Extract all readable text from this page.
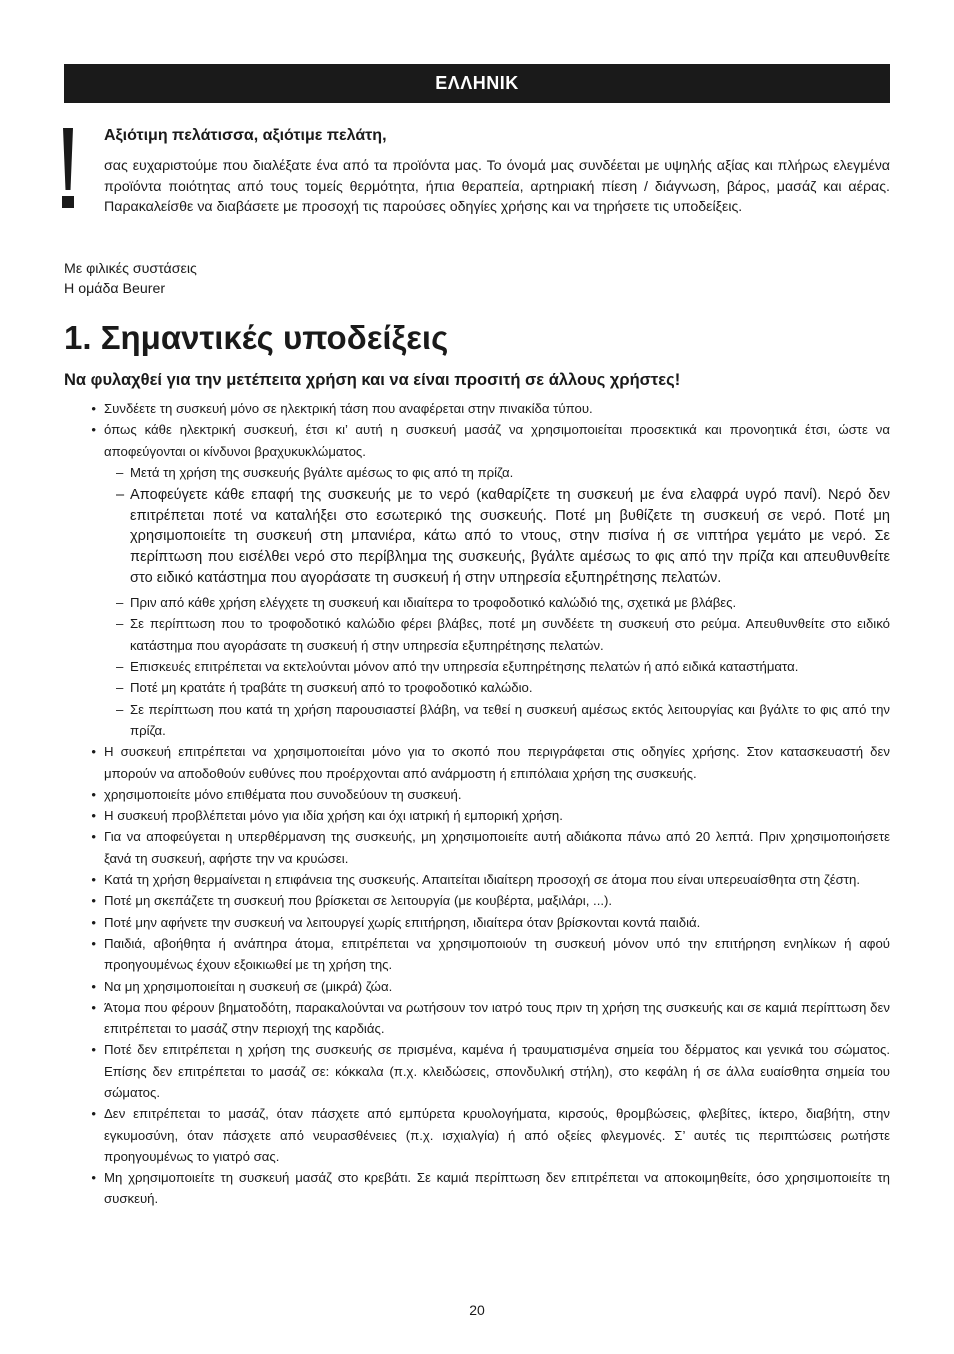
ΕΛΛΗΝΙΚ
Αξιότιμη πελάτισσα, αξιότιμε πελάτη,

σας ευχαριστούμε που διαλέξατε ένα από τα προϊόντα μας. Το όνομά μας συνδέεται με υψηλής αξίας και πλήρως ελεγμένα προϊόντα ποιότητας από τους τομείς θερμότητα, ήπια θεραπεία, αρτηριακή πίεση / διάγνωση, βάρος, μασάζ και αέρας. Παρακαλείσθε να διαβάσετε με προσοχή τις παρούσες οδηγίες χρήσης και να τηρήσετε τις υποδείξεις.

Με φιλικές συστάσεις
Η ομάδα Beurer
1. Σημαντικές υποδείξεις

Να φυλαχθεί για την μετέπειτα χρήση και να είναι προσιτή σε άλλους χρήστες!

• Συνδέετε τη συσκευή μόνο σε ηλεκτρική τάση που αναφέρεται στην πινακίδα τύπου.
• όπως κάθε ηλεκτρική συσκευή, έτσι κι’ αυτή η συσκευή μασάζ να χρησιμοποιείται προσεκτικά και προνοητικά έτσι, ώστε να αποφεύγονται οι κίνδυνοι βραχυκυκλώματος.
– Μετά τη χρήση της συσκευής βγάλτε αμέσως το φις από τη πρίζα.
– Αποφεύγετε κάθε επαφή της συσκευής με το νερό (καθαρίζετε τη συσκευή με ένα ελαφρά υγρό πανί). Νερό δεν επιτρέπεται ποτέ να καταλήξει στο εσωτερικό της συσκευής. Ποτέ μη βυθίζετε τη συσκευή σε νερό. Ποτέ μη χρησιμοποιείτε τη συσκευή στη μπανιέρα, κάτω από το ντους, στην πισίνα ή σε νιπτήρα γεμάτο με νερό. Σε περίπτωση που εισέλθει νερό στο περίβλημα της συσκευής, βγάλτε αμέσως το φις από την πρίζα και απευθυνθείτε στο ειδικό κατάστημα που αγοράσατε τη συσκευή ή στην υπηρεσία εξυπηρέτησης πελατών.
– Πριν από κάθε χρήση ελέγχετε τη συσκευή και ιδιαίτερα το τροφοδοτικό καλώδιό της, σχετικά με βλάβες.
– Σε περίπτωση που το τροφοδοτικό καλώδιο φέρει βλάβες, ποτέ μη συνδέετε τη συσκευή στο ρεύμα. Απευθυνθείτε στο ειδικό κατάστημα που αγοράσατε τη συσκευή ή στην υπηρεσία εξυπηρέτησης πελατών.
– Επισκευές επιτρέπεται να εκτελούνται μόνον από την υπηρεσία εξυπηρέτησης πελατών ή από ειδικά καταστήματα.
– Ποτέ μη κρατάτε ή τραβάτε τη συσκευή από το τροφοδοτικό καλώδιο.
– Σε περίπτωση που κατά τη χρήση παρουσιαστεί βλάβη, να τεθεί η συσκευή αμέσως εκτός λειτουργίας και βγάλτε το φις από την πρίζα.
• Η συσκευή επιτρέπεται να χρησιμοποιείται μόνο για το σκοπό που περιγράφεται στις οδηγίες χρήσης. Στον κατασκευαστή δεν μπορούν να αποδοθούν ευθύνες που προέρχονται από ανάρμοστη ή επιπόλαια χρήση της συσκευής.
• χρησιμοποιείτε μόνο επιθέματα που συνοδεύουν τη συσκευή.
• Η συσκευή προβλέπεται μόνο για ιδία χρήση και όχι ιατρική ή εμπορική χρήση.
• Για να αποφεύγεται η υπερθέρμανση της συσκευής, μη χρησιμοποιείτε αυτή αδιάκοπα πάνω από 20 λεπτά. Πριν χρησιμοποιήσετε ξανά τη συσκευή, αφήστε την να κρυώσει.
• Κατά τη χρήση θερμαίνεται η επιφάνεια της συσκευής. Απαιτείται ιδιαίτερη προσοχή σε άτομα που είναι υπερευαίσθητα στη ζέστη.
• Ποτέ μη σκεπάζετε τη συσκευή που βρίσκεται σε λειτουργία (με κουβέρτα, μαξιλάρι, ...).
• Ποτέ μην αφήνετε την συσκευή να λειτουργεί χωρίς επιτήρηση, ιδιαίτερα όταν βρίσκονται κοντά παιδιά.
• Παιδιά, αβοήθητα ή ανάπηρα άτομα, επιτρέπεται να χρησιμοποιούν τη συσκευή μόνον υπό την επιτήρηση ενηλίκων ή αφού προηγουμένως έχουν εξοικιωθεί με τη χρήση της.
• Να μη χρησιμοποιείται η συσκευή σε (μικρά) ζώα.
• Άτομα που φέρουν βηματοδότη, παρακαλούνται να ρωτήσουν τον ιατρό τους πριν τη χρήση της συσκευής και σε καμιά περίπτωση δεν επιτρέπεται το μασάζ στην περιοχή της καρδιάς.
• Ποτέ δεν επιτρέπεται η χρήση της συσκευής σε πρισμένα, καμένα ή τραυματισμένα σημεία του δέρματος και γενικά του σώματος. Επίσης δεν επιτρέπεται το μασάζ σε: κόκκαλα (π.χ. κλειδώσεις, σπονδυλική στήλη), στο κεφάλη ή σε άλλα ευαίσθητα σημεία του σώματος.
• Δεν επιτρέπεται το μασάζ, όταν πάσχετε από εμπύρετα κρυολογήματα, κιρσούς, θρομβώσεις, φλεβίτες, ίκτερο, διαβήτη, στην εγκυμοσύνη, όταν πάσχετε από νευρασθένειες (π.χ. ισχιαλγία) ή από οξείες φλεγμονές. Σ’ αυτές τις περιπτώσεις ρωτήστε προηγουμένως το γιατρό σας.
• Μη χρησιμοποιείτε τη συσκευή μασάζ στο κρεβάτι. Σε καμιά περίπτωση δεν επιτρέπεται να αποκοιμηθείτε, όσο χρησιμοποιείτε τη συσκευή.
20
